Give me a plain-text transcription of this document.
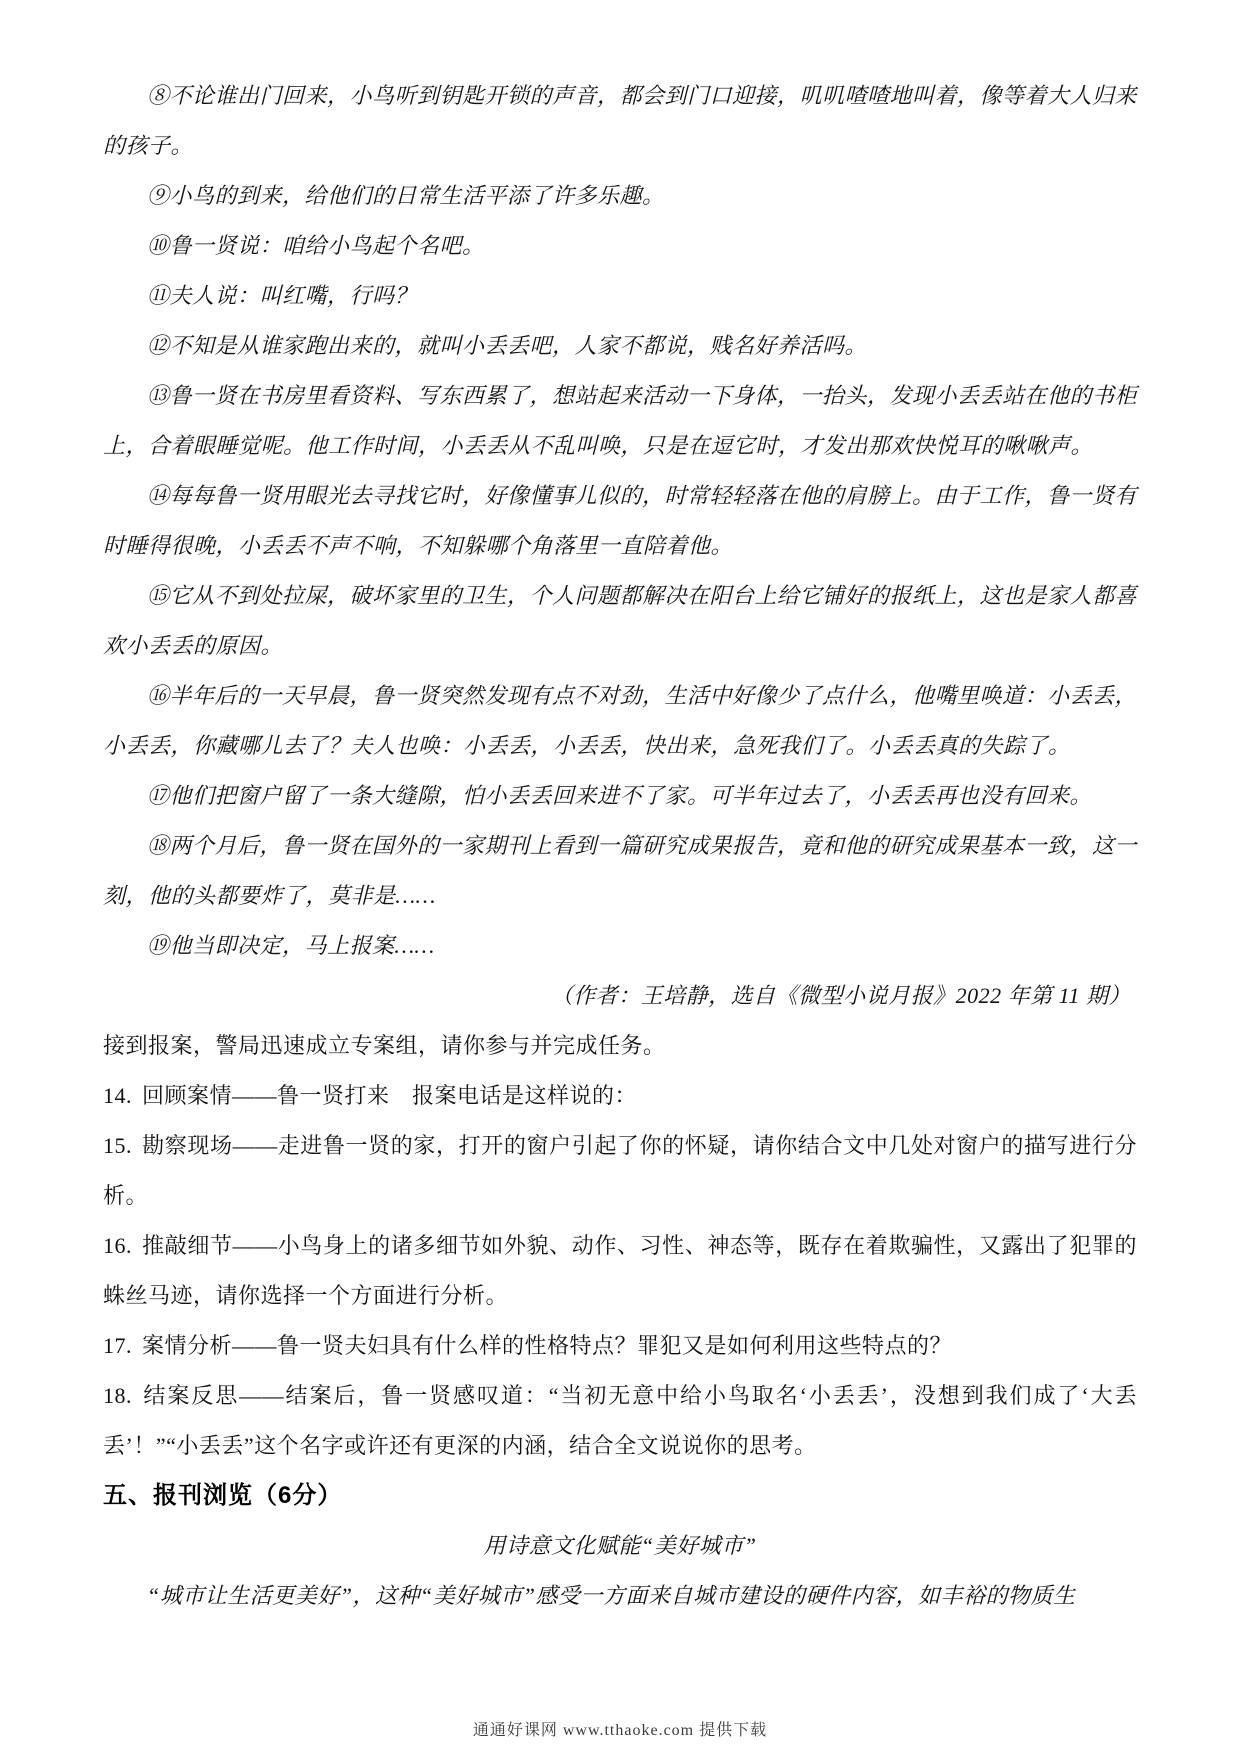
⑧不论谁出门回来，小鸟听到钥匙开锁的声音，都会到门口迎接，叽叽喳喳地叫着，像等着大人归来的孩子。

⑨小鸟的到来，给他们的日常生活平添了许多乐趣。

⑩鲁一贤说：咱给小鸟起个名吧。

⑪夫人说：叫红嘴，行吗？

⑫不知是从谁家跑出来的，就叫小丢丢吧，人家不都说，贱名好养活吗。

⑬鲁一贤在书房里看资料、写东西累了，想站起来活动一下身体，一抬头，发现小丢丢站在他的书柜上，合着眼睡觉呢。他工作时间，小丢丢从不乱叫唤，只是在逗它时，才发出那欢快悦耳的啾啾声。

⑭每每鲁一贤用眼光去寻找它时，好像懂事儿似的，时常轻轻落在他的肩膀上。由于工作，鲁一贤有时睡得很晚，小丢丢不声不响，不知躲哪个角落里一直陪着他。

⑮它从不到处拉屎，破坏家里的卫生，个人问题都解决在阳台上给它铺好的报纸上，这也是家人都喜欢小丢丢的原因。

⑯半年后的一天早晨，鲁一贤突然发现有点不对劲，生活中好像少了点什么，他嘴里唤道：小丢丢，小丢丢，你藏哪儿去了？夫人也唤：小丢丢，小丢丢，快出来，急死我们了。小丢丢真的失踪了。

⑰他们把窗户留了一条大缝隙，怕小丢丢回来进不了家。可半年过去了，小丢丢再也没有回来。

⑱两个月后，鲁一贤在国外的一家期刊上看到一篇研究成果报告，竟和他的研究成果基本一致，这一刻，他的头都要炸了，莫非是……

⑲他当即决定，马上报案……

（作者：王培静，选自《微型小说月报》2022 年第 11 期）

接到报案，警局迅速成立专案组，请你参与并完成任务。

14. 回顾案情——鲁一贤打来　报案电话是这样说的：

15. 勘察现场——走进鲁一贤的家，打开的窗户引起了你的怀疑，请你结合文中几处对窗户的描写进行分析。

16. 推敲细节——小鸟身上的诸多细节如外貌、动作、习性、神态等，既存在着欺骗性，又露出了犯罪的蛛丝马迹，请你选择一个方面进行分析。

17. 案情分析——鲁一贤夫妇具有什么样的性格特点？罪犯又是如何利用这些特点的？

18. 结案反思——结案后，鲁一贤感叹道：“当初无意中给小鸟取名‘小丢丢’，没想到我们成了‘大丢丢’！”“小丢丢”这个名字或许还有更深的内涵，结合全文说说你的思考。

五、报刊浏览（6分）

用诗意文化赋能“美好城市”

“城市让生活更美好”，这种“美好城市”感受一方面来自城市建设的硬件内容，如丰裕的物质生

通通好课网 www.tthaoke.com 提供下载
